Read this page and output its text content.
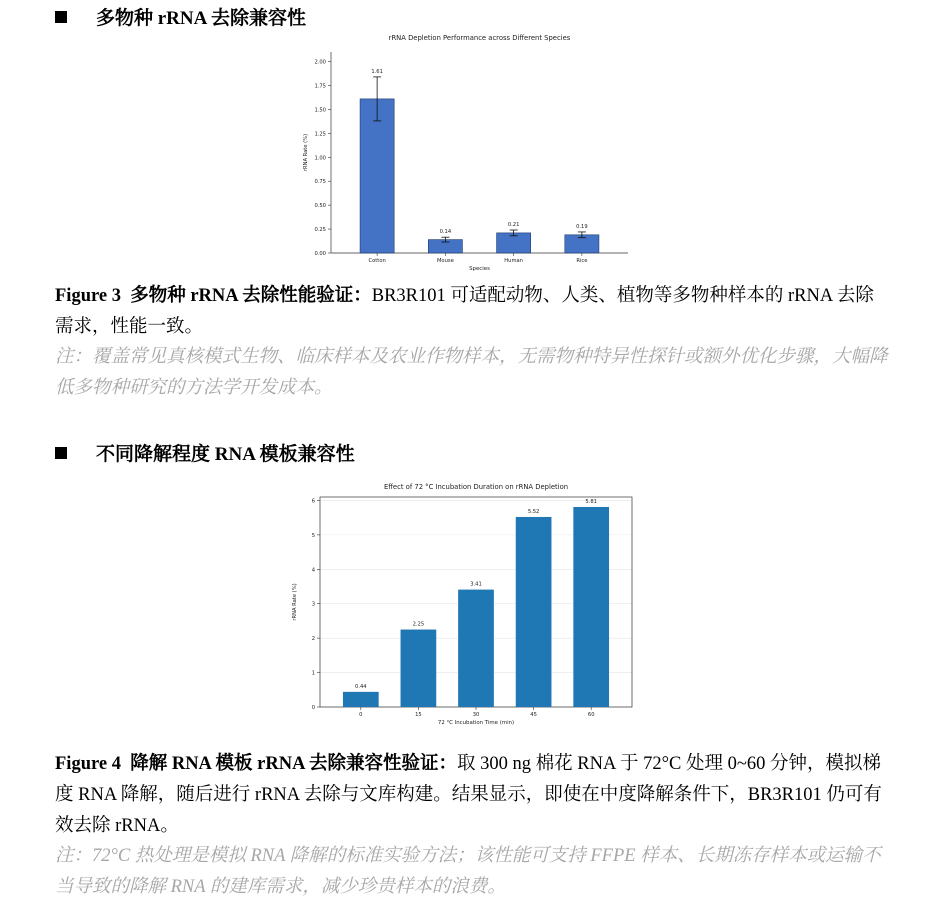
多物种 rRNA 去除兼容性
rRNA Depletion Performance across Different Species
0.00
0.25
0.50
0.75
1.00
1.25
1.50
1.75
2.00
rRNA Rate (%)
Species
1.61
Cotton
0.14
Mouse
0.21
Human
0.19
Rice

Figure 3 多物种 rRNA 去除性能验证：BR3R101 可适配动物、人类、植物等多物种样本的 rRNA 去除需求，性能一致。

注：覆盖常见真核模式生物、临床样本及农业作物样本，无需物种特异性探针或额外优化步骤，大幅降低多物种研究的方法学开发成本。

不同降解程度 RNA 模板兼容性
Effect of 72 °C Incubation Duration on rRNA Depletion
0
1
2
3
4
5
6
rRNA Rate (%)
72 °C Incubation Time (min)
0.44
0
2.25
15
3.41
30
5.52
45
5.81
60

Figure 4 降解 RNA 模板 rRNA 去除兼容性验证：取 300 ng 棉花 RNA 于 72°C 处理 0~60 分钟，模拟梯度 RNA 降解，随后进行 rRNA 去除与文库构建。结果显示，即使在中度降解条件下，BR3R101 仍可有效去除 rRNA。

注：72°C 热处理是模拟 RNA 降解的标准实验方法；该性能可支持 FFPE 样本、长期冻存样本或运输不当导致的降解 RNA 的建库需求，减少珍贵样本的浪费。
